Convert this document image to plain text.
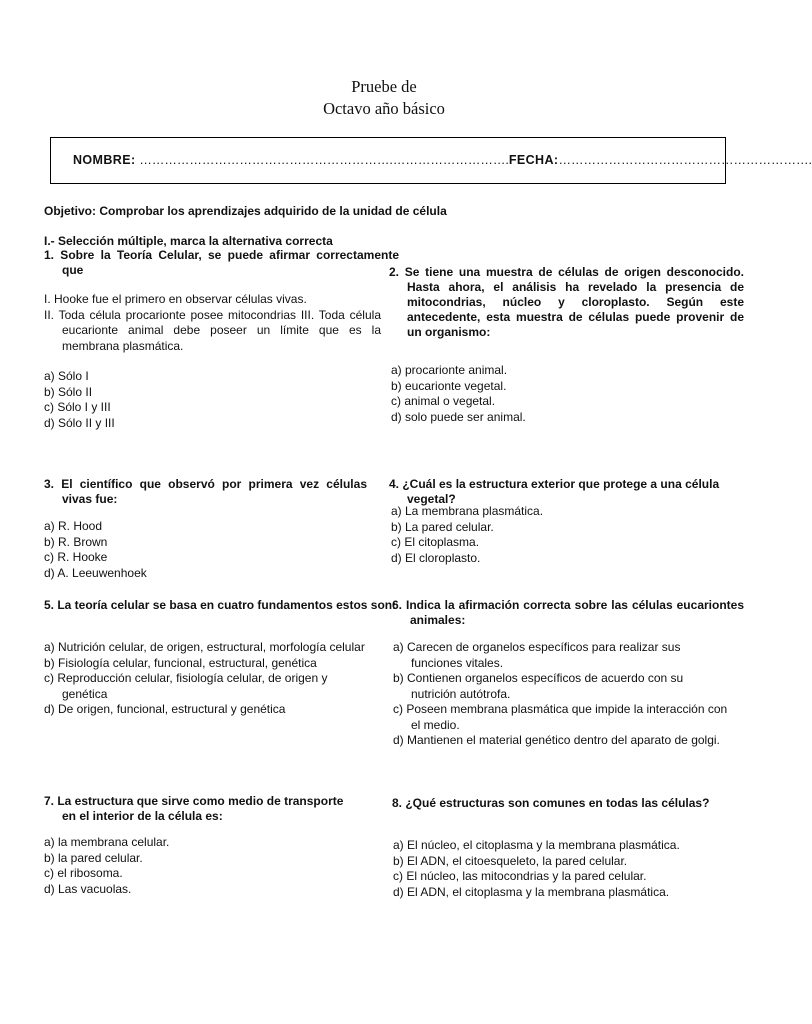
Pruebe de
Octavo año básico
NOMBRE: …………………………………………………….……………………….FECHA:…………………………………………………….
Objetivo: Comprobar los aprendizajes adquirido de la unidad de célula
I.- Selección múltiple, marca la alternativa correcta
1. Sobre la Teoría Celular, se puede afirmar correctamente que
I. Hooke fue el primero en observar células vivas.
II. Toda célula procarionte posee mitocondrias III. Toda célula eucarionte animal debe poseer un límite que es la membrana plasmática.
a) Sólo I
b) Sólo II
c) Sólo I y III
d) Sólo II y III
2. Se tiene una muestra de células de origen desconocido. Hasta ahora, el análisis ha revelado la presencia de mitocondrias, núcleo y cloroplasto. Según este antecedente, esta muestra de células puede provenir de un organismo:
a) procarionte animal.
b) eucarionte vegetal.
c) animal o vegetal.
d) solo puede ser animal.
3. El científico que observó por primera vez células vivas fue:
a) R. Hood
b) R. Brown
c) R. Hooke
d) A. Leeuwenhoek
4. ¿Cuál es la estructura exterior que protege a una célula vegetal?
a) La membrana plasmática.
b) La pared celular.
c) El citoplasma.
d) El cloroplasto.
5. La teoría celular se basa en cuatro fundamentos estos son:
a) Nutrición celular, de origen, estructural, morfología celular
b) Fisiología celular, funcional, estructural, genética
c) Reproducción celular, fisiología celular, de origen y genética
d) De origen, funcional, estructural y genética
6. Indica la afirmación correcta sobre las células eucariontes animales:
a) Carecen de organelos específicos para realizar sus funciones vitales.
b) Contienen organelos específicos de acuerdo con su nutrición autótrofa.
c) Poseen membrana plasmática que impide la interacción con el medio.
d) Mantienen el material genético dentro del aparato de golgi.
7. La estructura que sirve como medio de transporte en el interior de la célula es:
a) la membrana celular.
b) la pared celular.
c) el ribosoma.
d) Las vacuolas.
8. ¿Qué estructuras son comunes en todas las células?
a) El núcleo, el citoplasma y la membrana plasmática.
b) El ADN, el citoesqueleto, la pared celular.
c) El núcleo, las mitocondrias y la pared celular.
d) El ADN, el citoplasma y la membrana plasmática.
